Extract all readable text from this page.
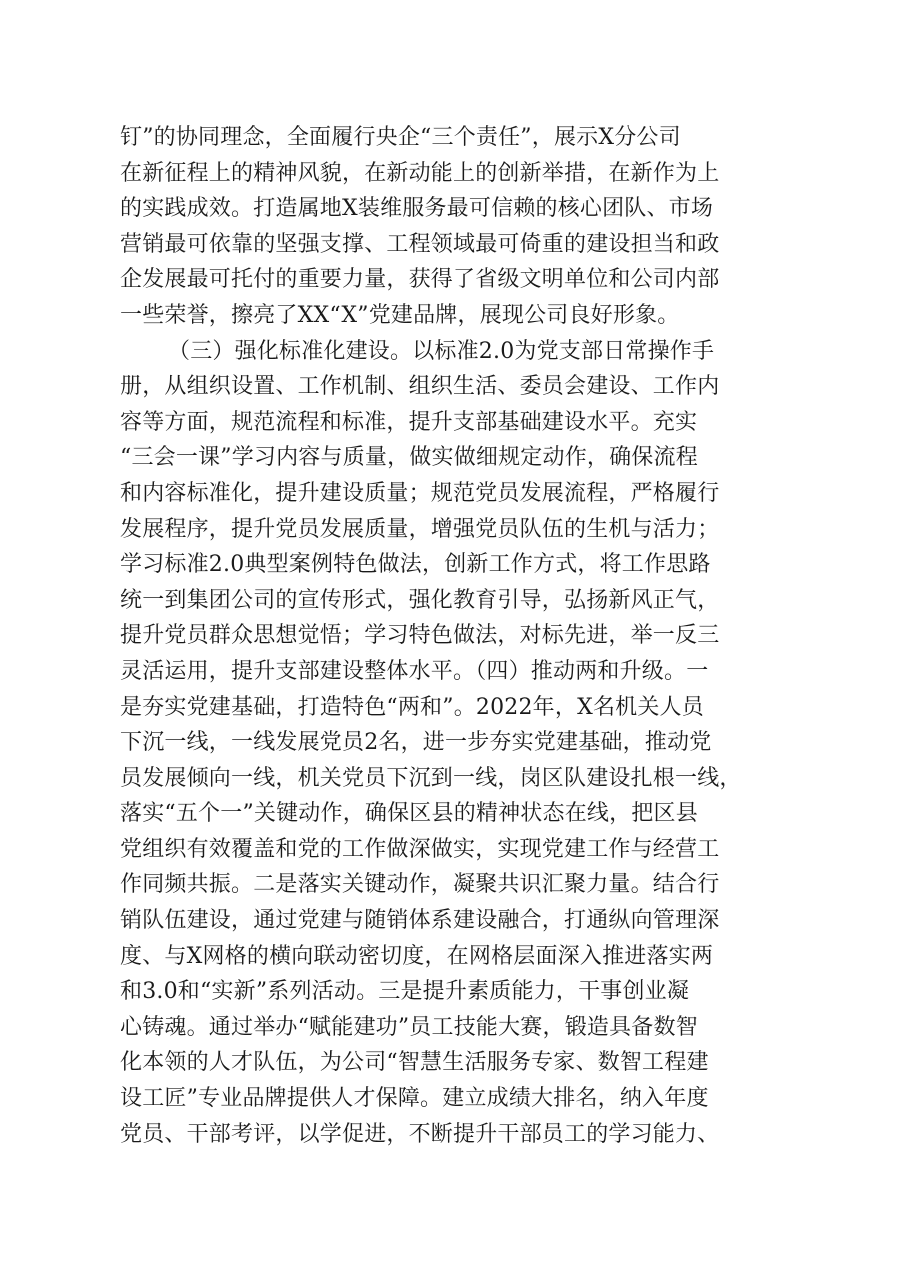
钉”的协同理念，全面履行央企“三个责任”，展示X分公司
在新征程上的精神风貌，在新动能上的创新举措，在新作为上
的实践成效。打造属地X装维服务最可信赖的核心团队、市场
营销最可依靠的坚强支撑、工程领域最可倚重的建设担当和政
企发展最可托付的重要力量，获得了省级文明单位和公司内部
一些荣誉，擦亮了XX“X”党建品牌，展现公司良好形象。
（三）强化标准化建设。以标准2.0为党支部日常操作手
册，从组织设置、工作机制、组织生活、委员会建设、工作内
容等方面，规范流程和标准，提升支部基础建设水平。充实
“三会一课”学习内容与质量，做实做细规定动作，确保流程
和内容标准化，提升建设质量；规范党员发展流程，严格履行
发展程序，提升党员发展质量，增强党员队伍的生机与活力；
学习标准2.0典型案例特色做法，创新工作方式，将工作思路
统一到集团公司的宣传形式，强化教育引导，弘扬新风正气，
提升党员群众思想觉悟；学习特色做法，对标先进，举一反三
灵活运用，提升支部建设整体水平。（四）推动两和升级。一
是夯实党建基础，打造特色“两和”。2022年，X名机关人员
下沉一线，一线发展党员2名，进一步夯实党建基础，推动党
员发展倾向一线，机关党员下沉到一线，岗区队建设扎根一线，
落实“五个一”关键动作，确保区县的精神状态在线，把区县
党组织有效覆盖和党的工作做深做实，实现党建工作与经营工
作同频共振。二是落实关键动作，凝聚共识汇聚力量。结合行
销队伍建设，通过党建与随销体系建设融合，打通纵向管理深
度、与X网格的横向联动密切度，在网格层面深入推进落实两
和3.0和“实新”系列活动。三是提升素质能力，干事创业凝
心铸魂。通过举办“赋能建功”员工技能大赛，锻造具备数智
化本领的人才队伍，为公司“智慧生活服务专家、数智工程建
设工匠”专业品牌提供人才保障。建立成绩大排名，纳入年度
党员、干部考评，以学促进，不断提升干部员工的学习能力、
